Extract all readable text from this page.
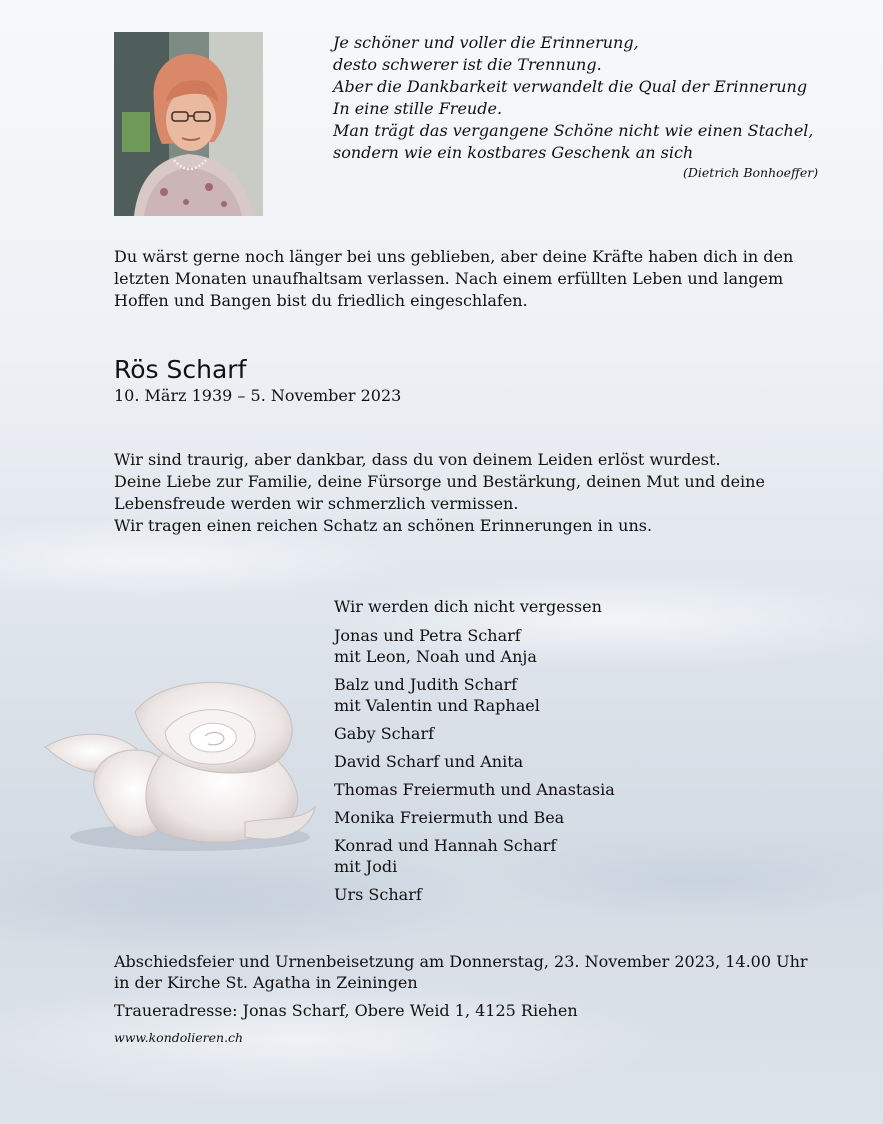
Je schöner und voller die Erinnerung,
desto schwerer ist die Trennung.
Aber die Dankbarkeit verwandelt die Qual der Erinnerung
In eine stille Freude.
Man trägt das vergangene Schöne nicht wie einen Stachel,
sondern wie ein kostbares Geschenk an sich
(Dietrich Bonhoeffer)
Du wärst gerne noch länger bei uns geblieben, aber deine Kräfte haben dich in den
letzten Monaten unaufhaltsam verlassen. Nach einem erfüllten Leben und langem
Hoffen und Bangen bist du friedlich eingeschlafen.
Rös Scharf
10. März 1939 – 5. November 2023
Wir sind traurig, aber dankbar, dass du von deinem Leiden erlöst wurdest.
Deine Liebe zur Familie, deine Fürsorge und Bestärkung, deinen Mut und deine
Lebensfreude werden wir schmerzlich vermissen.
Wir tragen einen reichen Schatz an schönen Erinnerungen in uns.
Wir werden dich nicht vergessen
Jonas und Petra Scharf
mit Leon, Noah und Anja
Balz und Judith Scharf
mit Valentin und Raphael
Gaby Scharf
David Scharf und Anita
Thomas Freiermuth und Anastasia
Monika Freiermuth und Bea
Konrad und Hannah Scharf
mit Jodi
Urs Scharf
Abschiedsfeier und Urnenbeisetzung am Donnerstag, 23. November 2023, 14.00 Uhr
in der Kirche St. Agatha in Zeiningen
Traueradresse: Jonas Scharf, Obere Weid 1, 4125 Riehen
www.kondolieren.ch
